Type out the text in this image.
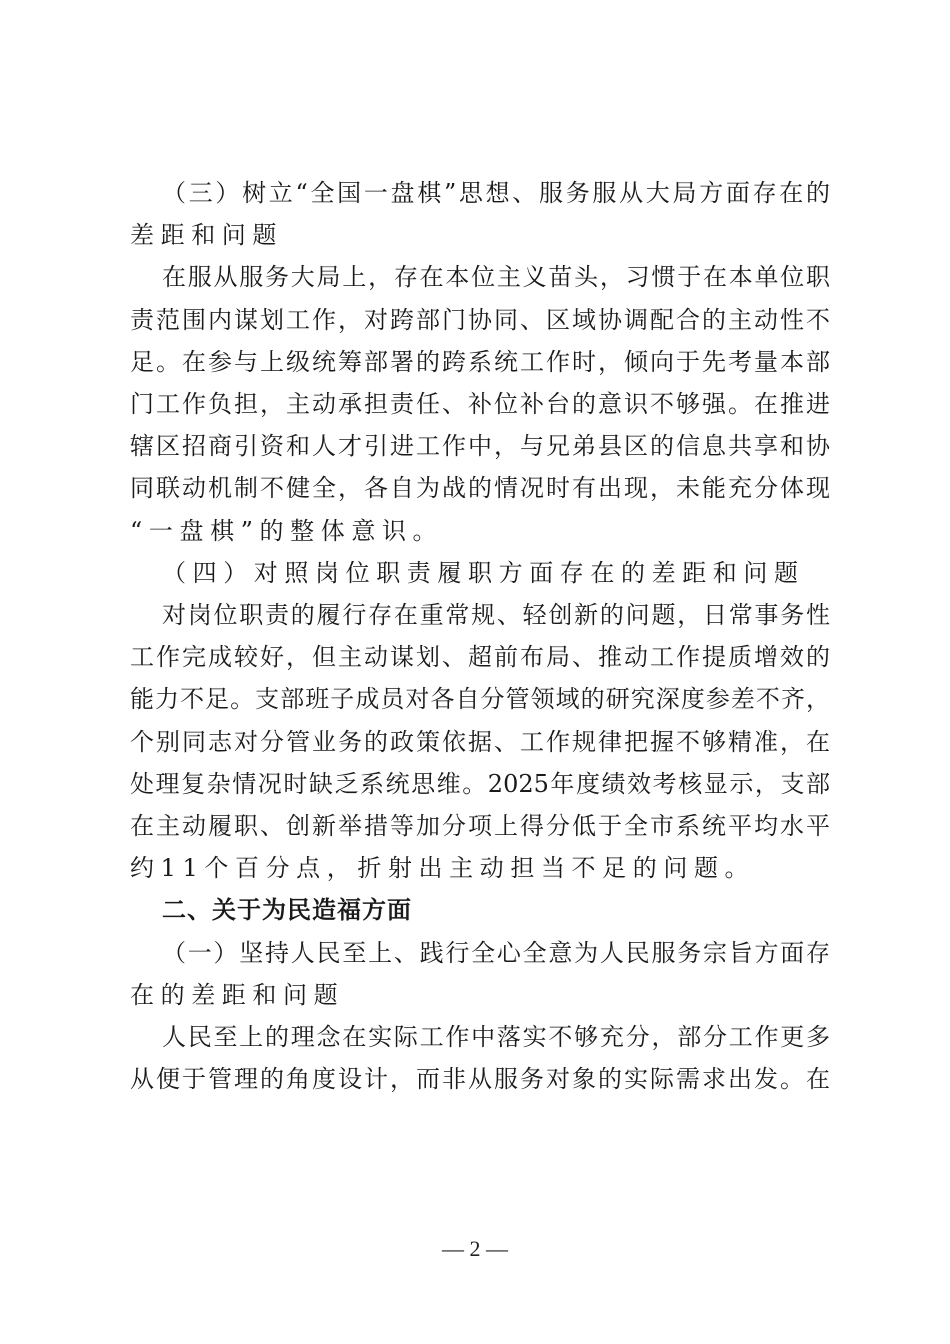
（三）树立“全国一盘棋”思想、服务服从大局方面存在的
差距和问题
在服从服务大局上，存在本位主义苗头，习惯于在本单位职
责范围内谋划工作，对跨部门协同、区域协调配合的主动性不
足。在参与上级统筹部署的跨系统工作时，倾向于先考量本部
门工作负担，主动承担责任、补位补台的意识不够强。在推进
辖区招商引资和人才引进工作中，与兄弟县区的信息共享和协
同联动机制不健全，各自为战的情况时有出现，未能充分体现
“一盘棋”的整体意识。
（四）对照岗位职责履职方面存在的差距和问题
对岗位职责的履行存在重常规、轻创新的问题，日常事务性
工作完成较好，但主动谋划、超前布局、推动工作提质增效的
能力不足。支部班子成员对各自分管领域的研究深度参差不齐，
个别同志对分管业务的政策依据、工作规律把握不够精准，在
处理复杂情况时缺乏系统思维。2025年度绩效考核显示，支部
在主动履职、创新举措等加分项上得分低于全市系统平均水平
约11个百分点，折射出主动担当不足的问题。
二、关于为民造福方面
（一）坚持人民至上、践行全心全意为人民服务宗旨方面存
在的差距和问题
人民至上的理念在实际工作中落实不够充分，部分工作更多
从便于管理的角度设计，而非从服务对象的实际需求出发。在
— 2 —
